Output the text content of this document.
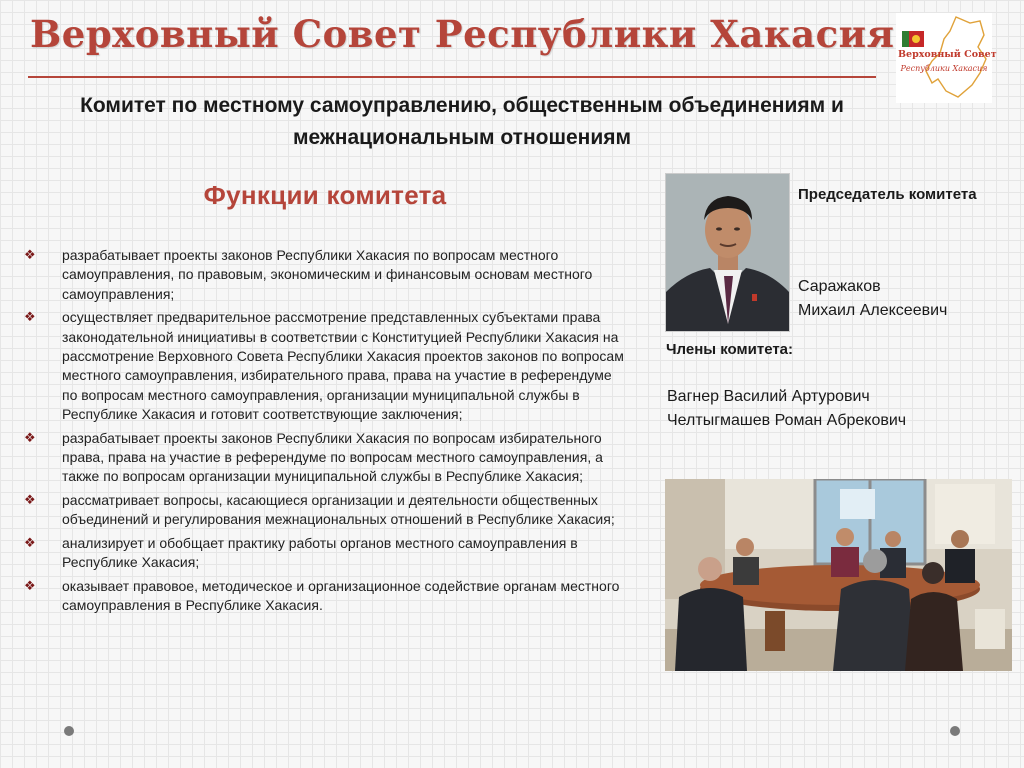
Верховный Совет Республики Хакасия Верховный Совет
Республики Хакасия
Комитет по местному самоуправлению, общественным объединениям и межнациональным отношениям
Функции комитета
❖	разрабатывает проекты законов Республики Хакасия по вопросам местного самоуправления, по правовым, экономическим и финансовым основам местного самоуправления;
❖	осуществляет предварительное рассмотрение представленных субъектами права законодательной инициативы в соответствии с Конституцией Республики Хакасия на рассмотрение Верховного Совета Республики Хакасия проектов законов по вопросам местного самоуправления, избирательного права, права на участие в референдуме по вопросам местного самоуправления, организации муниципальной службы в Республике Хакасия и готовит соответствующие заключения;
❖	разрабатывает проекты законов Республики Хакасия по вопросам избирательного права, права на участие в референдуме по вопросам местного самоуправления, а также по вопросам организации муниципальной службы в Республике Хакасия;
❖	рассматривает вопросы, касающиеся организации и деятельности общественных объединений и регулирования межнациональных отношений в Республике Хакасия;
❖	анализирует и обобщает практику работы органов местного самоуправления в Республике Хакасия;
❖	оказывает правовое, методическое и организационное содействие органам местного самоуправления в Республике Хакасия.
Председатель комитета
Саражаков
Михаил Алексеевич
Члены комитета:
Вагнер Василий Артурович
Челтыгмашев Роман Абрекович
